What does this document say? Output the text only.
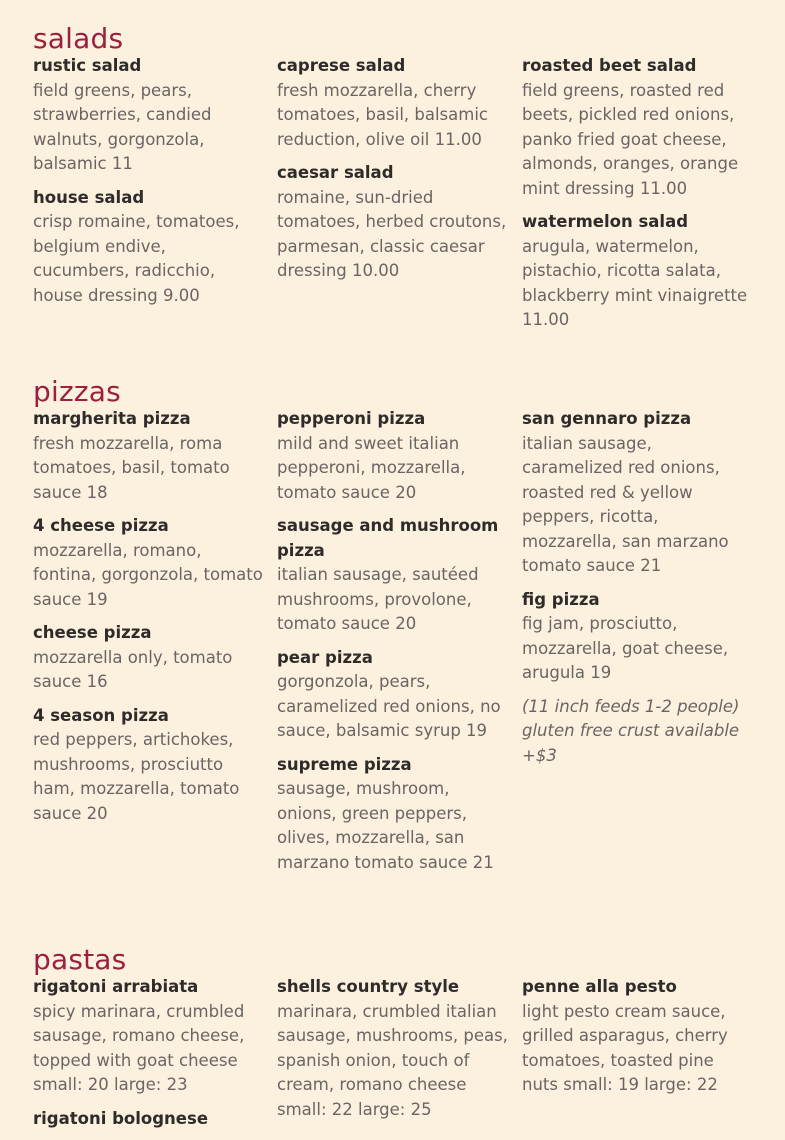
salads
rustic salad
field greens, pears, strawberries, candied walnuts, gorgonzola, balsamic 11
house salad
crisp romaine, tomatoes, belgium endive, cucumbers, radicchio, house dressing 9.00
caprese salad
fresh mozzarella, cherry tomatoes, basil, balsamic reduction, olive oil 11.00
caesar salad
romaine, sun-dried tomatoes, herbed croutons, parmesan, classic caesar dressing 10.00
roasted beet salad
field greens, roasted red beets, pickled red onions, panko fried goat cheese, almonds, oranges, orange mint dressing 11.00
watermelon salad
arugula, watermelon, pistachio, ricotta salata, blackberry mint vinaigrette 11.00
pizzas
margherita pizza
fresh mozzarella, roma tomatoes, basil, tomato sauce 18
4 cheese pizza
mozzarella, romano, fontina, gorgonzola, tomato sauce 19
cheese pizza
mozzarella only, tomato sauce 16
4 season pizza
red peppers, artichokes, mushrooms, prosciutto ham, mozzarella, tomato sauce 20
pepperoni pizza
mild and sweet italian pepperoni, mozzarella, tomato sauce 20
sausage and mushroom pizza
italian sausage, sautéed mushrooms, provolone, tomato sauce 20
pear pizza
gorgonzola, pears, caramelized red onions, no sauce, balsamic syrup 19
supreme pizza
sausage, mushroom, onions, green peppers, olives, mozzarella, san marzano tomato sauce 21
san gennaro pizza
italian sausage, caramelized red onions, roasted red & yellow peppers, ricotta, mozzarella, san marzano tomato sauce 21
fig pizza
fig jam, prosciutto, mozzarella, goat cheese, arugula 19
(11 inch feeds 1-2 people) gluten free crust available +$3
pastas
rigatoni arrabiata
spicy marinara, crumbled sausage, romano cheese, topped with goat cheese small: 20 large: 23
rigatoni bolognese
shells country style
marinara, crumbled italian sausage, mushrooms, peas, spanish onion, touch of cream, romano cheese small: 22 large: 25
penne alla pesto
light pesto cream sauce, grilled asparagus, cherry tomatoes, toasted pine nuts small: 19 large: 22
